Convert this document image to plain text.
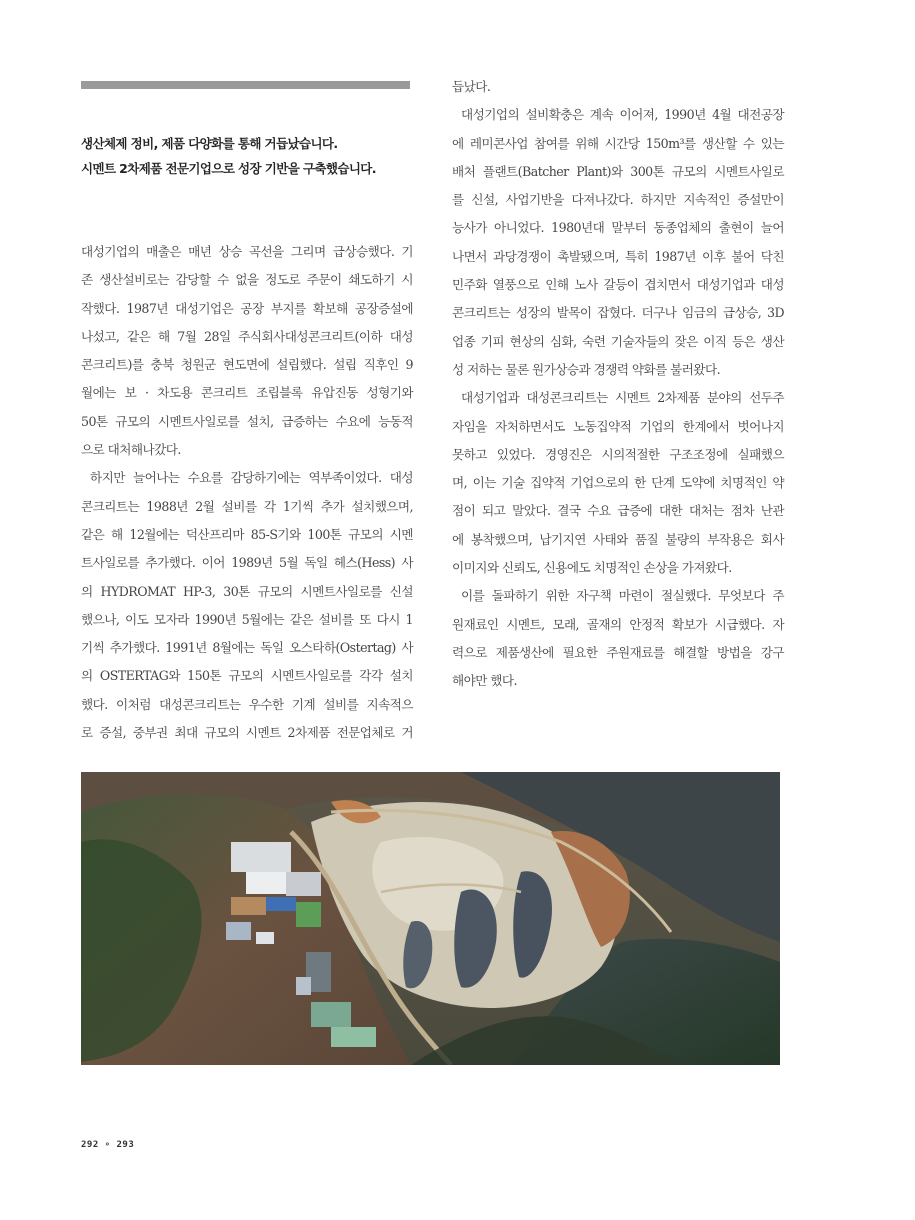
생산체제 정비, 제품 다양화를 통해 거듭났습니다.
시멘트 2차제품 전문기업으로 성장 기반을 구축했습니다.
대성기업의 매출은 매년 상승 곡선을 그리며 급상승했다. 기
존 생산설비로는 감당할 수 없을 정도로 주문이 쇄도하기 시
작했다. 1987년 대성기업은 공장 부지를 확보해 공장증설에
나섰고, 같은 해 7월 28일 주식회사대성콘크리트(이하 대성
콘크리트)를 충북 청원군 현도면에 설립했다. 설립 직후인 9
월에는 보 · 차도용 콘크리트 조립블록 유압진동 성형기와
50톤 규모의 시멘트사일로를 설치, 급증하는 수요에 능동적
으로 대처해나갔다.
하지만 늘어나는 수요를 감당하기에는 역부족이었다. 대성
콘크리트는 1988년 2월 설비를 각 1기씩 추가 설치했으며,
같은 해 12월에는 덕산프리마 85-S기와 100톤 규모의 시멘
트사일로를 추가했다. 이어 1989년 5월 독일 헤스(Hess) 사
의 HYDROMAT HP-3, 30톤 규모의 시멘트사일로를 신설
했으나, 이도 모자라 1990년 5월에는 같은 설비를 또 다시 1
기씩 추가했다. 1991년 8월에는 독일 오스타하(Ostertag) 사
의 OSTERTAG와 150톤 규모의 시멘트사일로를 각각 설치
했다. 이처럼 대성콘크리트는 우수한 기계 설비를 지속적으
로 증설, 중부권 최대 규모의 시멘트 2차제품 전문업체로 거
듭났다.
대성기업의 설비확충은 계속 이어져, 1990년 4월 대전공장
에 레미콘사업 참여를 위해 시간당 150m³를 생산할 수 있는
배처 플랜트(Batcher Plant)와 300톤 규모의 시멘트사일로
를 신설, 사업기반을 다져나갔다. 하지만 지속적인 증설만이
능사가 아니었다. 1980년대 말부터 동종업체의 출현이 늘어
나면서 과당경쟁이 촉발됐으며, 특히 1987년 이후 불어 닥친
민주화 열풍으로 인해 노사 갈등이 겹치면서 대성기업과 대성
콘크리트는 성장의 발목이 잡혔다. 더구나 임금의 급상승, 3D
업종 기피 현상의 심화, 숙련 기술자들의 잦은 이직 등은 생산
성 저하는 물론 원가상승과 경쟁력 약화를 불러왔다.
대성기업과 대성콘크리트는 시멘트 2차제품 분야의 선두주
자임을 자처하면서도 노동집약적 기업의 한계에서 벗어나지
못하고 있었다. 경영진은 시의적절한 구조조정에 실패했으
며, 이는 기술 집약적 기업으로의 한 단계 도약에 치명적인 약
점이 되고 말았다. 결국 수요 급증에 대한 대처는 점차 난관
에 봉착했으며, 납기지연 사태와 품질 불량의 부작용은 회사
이미지와 신뢰도, 신용에도 치명적인 손상을 가져왔다.
이를 돌파하기 위한 자구책 마련이 절실했다. 무엇보다 주
원재료인 시멘트, 모래, 골재의 안정적 확보가 시급했다. 자
력으로 제품생산에 필요한 주원재료를 해결할 방법을 강구
해야만 했다.
292 ∘ 293
